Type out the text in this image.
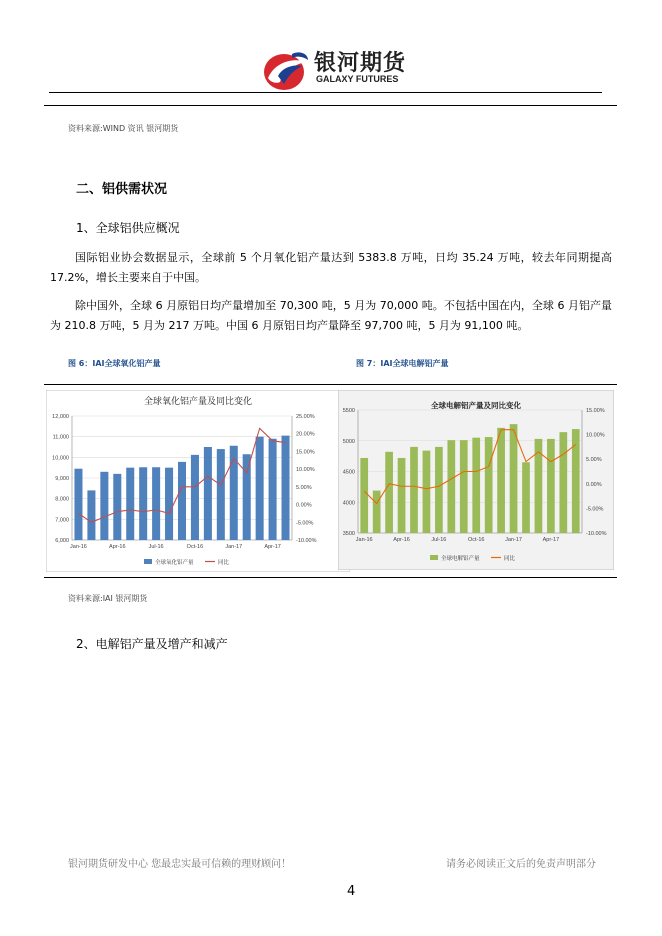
银河期货
GALAXY FUTURES
资料来源:WIND 资讯 银河期货
二、铝供需状况
1、全球铝供应概况
国际铝业协会数据显示，全球前 5 个月氧化铝产量达到 5383.8 万吨，日均 35.24 万吨，较去年同期提高 17.2%，增长主要来自于中国。
除中国外，全球 6 月原铝日均产量增加至 70,300 吨，5 月为 70,000 吨。不包括中国在内，全球 6 月铝产量为 210.8 万吨，5 月为 217 万吨。中国 6 月原铝日均产量降至 97,700 吨，5 月为 91,100 吨。
图 6：IAI全球氧化铝产量	图 7：IAI全球电解铝产量
全球氧化铝产量及同比变化
6,000
7,000
8,000
9,000
10,000
11,000
12,000
-10.00%
-5.00%
0.00%
5.00%
10.00%
15.00%
20.00%
25.00%
Jan-16	Apr-16	Jul-16	Oct-16	Jan-17	Apr-17
全球氧化铝产量	同比
全球电解铝产量及同比变化
3500
4000
4500
5000
5500
-10.00%
-5.00%
0.00%
5.00%
10.00%
15.00%
Jan-16	Apr-16	Jul-16	Oct-16	Jan-17	Apr-17
全球电解铝产量	同比
资料来源:IAI 银河期货
2、电解铝产量及增产和减产
银河期货研发中心 您最忠实最可信赖的理财顾问！	请务必阅读正文后的免责声明部分
4
